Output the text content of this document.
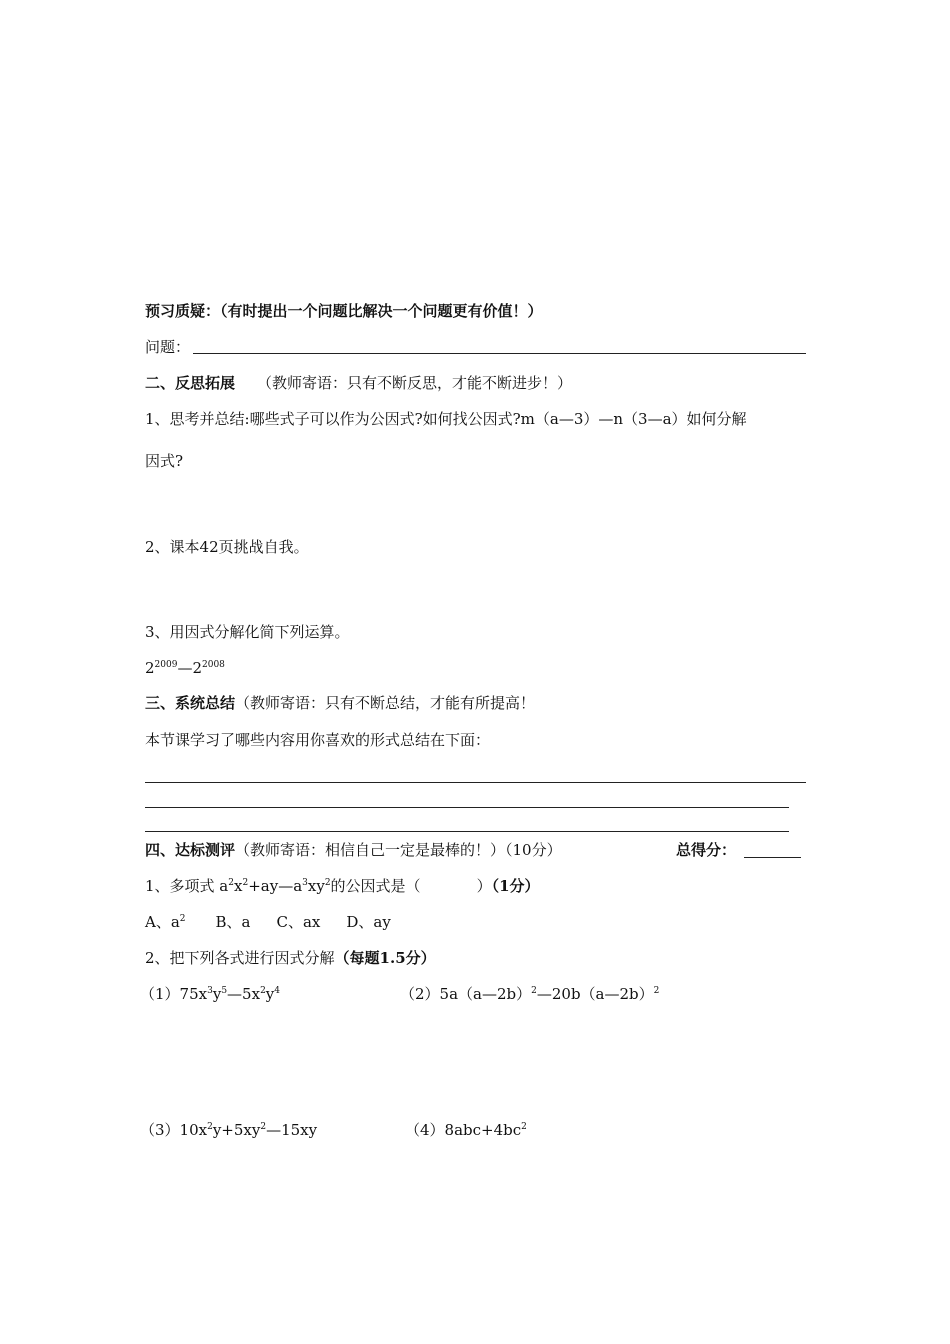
预习质疑：（有时提出一个问题比解决一个问题更有价值！）
问题：
二、反思拓展 （教师寄语：只有不断反思，才能不断进步！）
1、思考并总结:哪些式子可以作为公因式?如何找公因式?m（a—3）—n（3—a）如何分解
因式?
2、课本42页挑战自我。
3、用因式分解化简下列运算。
$2^{2009}—2^{2008}$
三、系统总结（教师寄语：只有不断总结，才能有所提高！
本节课学习了哪些内容用你喜欢的形式总结在下面：
四、达标测评（教师寄语：相信自己一定是最棒的！）（10分）	总得分：
1、多项式 $a^2x^2+ay—a^3xy^2$的公因式是（	）（1分）
A、$a^2$ B、a C、ax D、ay
2、把下列各式进行因式分解（每题1.5分）
$(1)75x^3y^5—5x^2y^4$	（2）5a（a—2b）$^2$—20b（a—2b）$^2$
$(3)10x^2y+5xy^2—15xy$	$(4)8abc+4bc^2$
